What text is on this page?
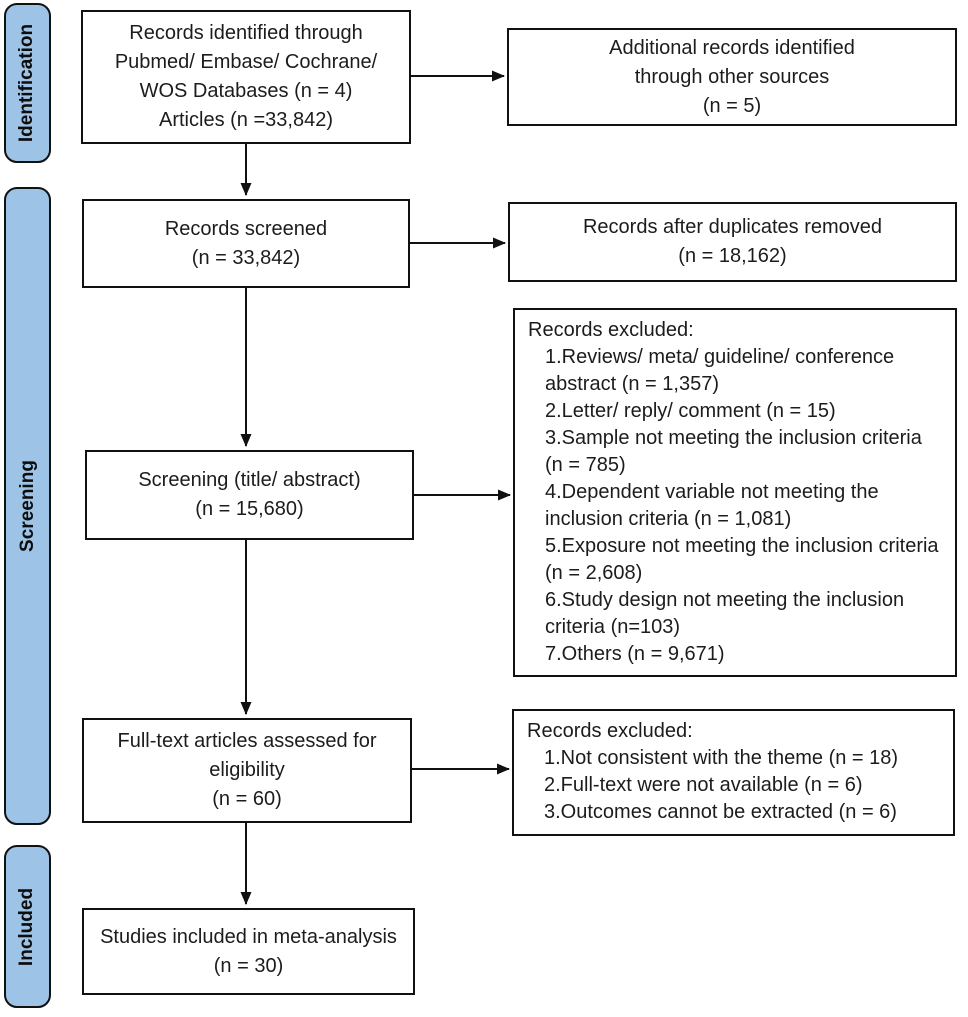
Identification
Screening
Included
Records identified through
Pubmed/ Embase/ Cochrane/
WOS Databases (n = 4)
Articles (n =33,842)
Additional records identified
through other sources
(n = 5)
Records screened
(n = 33,842)
Records after duplicates removed
(n = 18,162)
Screening (title/ abstract)
(n = 15,680)
Records excluded:
1.Reviews/ meta/ guideline/ conference
abstract (n = 1,357)
2.Letter/ reply/ comment (n = 15)
3.Sample not meeting the inclusion criteria
(n = 785)
4.Dependent variable not meeting the
inclusion criteria (n = 1,081)
5.Exposure not meeting the inclusion criteria
(n = 2,608)
6.Study design not meeting the inclusion
criteria (n=103)
7.Others (n = 9,671)
Full-text articles assessed for
eligibility
(n = 60)
Records excluded:
1.Not consistent with the theme (n = 18)
2.Full-text were not available (n = 6)
3.Outcomes cannot be extracted (n = 6)
Studies included in meta-analysis
(n = 30)
